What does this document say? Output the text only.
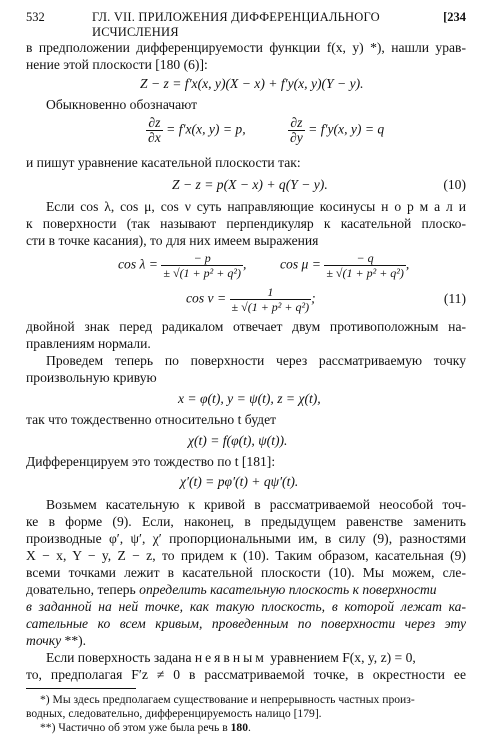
532	ГЛ. VII. ПРИЛОЖЕНИЯ ДИФФЕРЕНЦИАЛЬНОГО ИСЧИСЛЕНИЯ
[234
в предположении дифференцируемости функции f(x, y) *), нашли урав-
нение этой плоскости [180 (6)]:
Z − z = f′x(x, y)(X − x) + f′y(x, y)(Y − y).
Обыкновенно обозначают
$\frac{\partial z}{\partial x} = f'x(x$, y) = p,	$\frac{\partial z}{\partial y} = f'y(x$, y) = q
и пишут уравнение касательной плоскости так:
Z − z = p(X − x) + q(Y − y).	(10)
Если cos λ, cos μ, cos ν суть направляющие косинусы н о р м а л и
к поверхности (так называют перпендикуляр к касательной плоско-
сти в точке касания), то для них имеем выражения
$\cos \lambda = \frac{- p}{\text{± √(1 + p² + q²)}}$ , $\cos \mu = \frac{- q}{\text{± √(1 + p² + q²)}}$ ,
$\cos \nu = \frac{1}{\text{± √(1 + p² + q²)}}$ ;	(11)
двойной знак перед радикалом отвечает двум противоположным на-
правлениям нормали.
Проведем теперь по поверхности через рассматриваемую точку
произвольную кривую
x = φ(t), y = ψ(t), z = χ(t),
так что тождественно относительно t будет
χ(t) = f(φ(t), ψ(t)).
Дифференцируем это тождество по t [181]:
χ′(t) = pφ′(t) + qψ′(t).
Возьмем касательную к кривой в рассматриваемой неособой точ-
ке в форме (9). Если, наконец, в предыдущем равенстве заменить
производные φ′, ψ′, χ′ пропорциональными им, в силу (9), разностями
X − x, Y − y, Z − z, то придем к (10). Таким образом, касательная (9)
всеми точками лежит в касательной плоскости (10). Мы можем, сле-
довательно, теперь определить касательную плоскость к поверхности
в заданной на ней точке, как такую плоскость, в которой лежат ка-
сательные ко всем кривым, проведенным по поверхности через эту
точку **).
Если поверхность задана неявным уравнением F(x, y, z) = 0,
то, предполагая F′z ≠ 0 в рассматриваемой точке, в окрестности ее
*) Мы здесь предполагаем существование и непрерывность частных произ-
водных, следовательно, дифференцируемость налицо [179].
**) Частично об этом уже была речь в 180.
